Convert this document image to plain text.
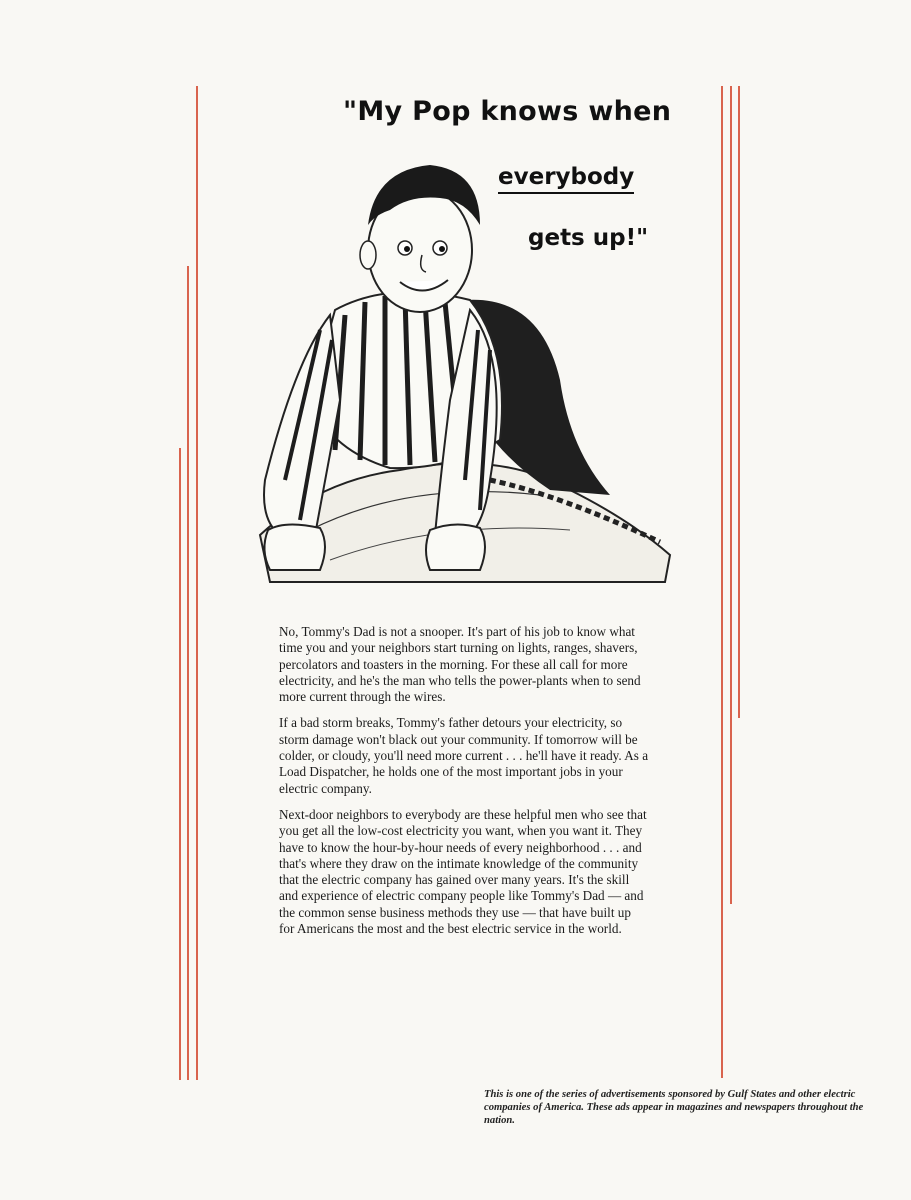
"My Pop knows when
everybody
gets up!"

No, Tommy's Dad is not a snooper. It's part of his job to know what time you and your neighbors start turning on lights, ranges, shavers, percolators and toasters in the morning. For these all call for more electricity, and he's the man who tells the power-plants when to send more current through the wires.

If a bad storm breaks, Tommy's father detours your electricity, so storm damage won't black out your community. If tomorrow will be colder, or cloudy, you'll need more current . . . he'll have it ready. As a Load Dispatcher, he holds one of the most important jobs in your electric company.

Next-door neighbors to everybody are these helpful men who see that you get all the low-cost electricity you want, when you want it. They have to know the hour-by-hour needs of every neighborhood . . . and that's where they draw on the intimate knowledge of the community that the electric company has gained over many years. It's the skill and experience of electric company people like Tommy's Dad — and the common sense business methods they use — that have built up for Americans the most and the best electric service in the world.

This is one of the series of advertisements sponsored by Gulf States and other electric companies of America. These ads appear in magazines and newspapers throughout the nation.
